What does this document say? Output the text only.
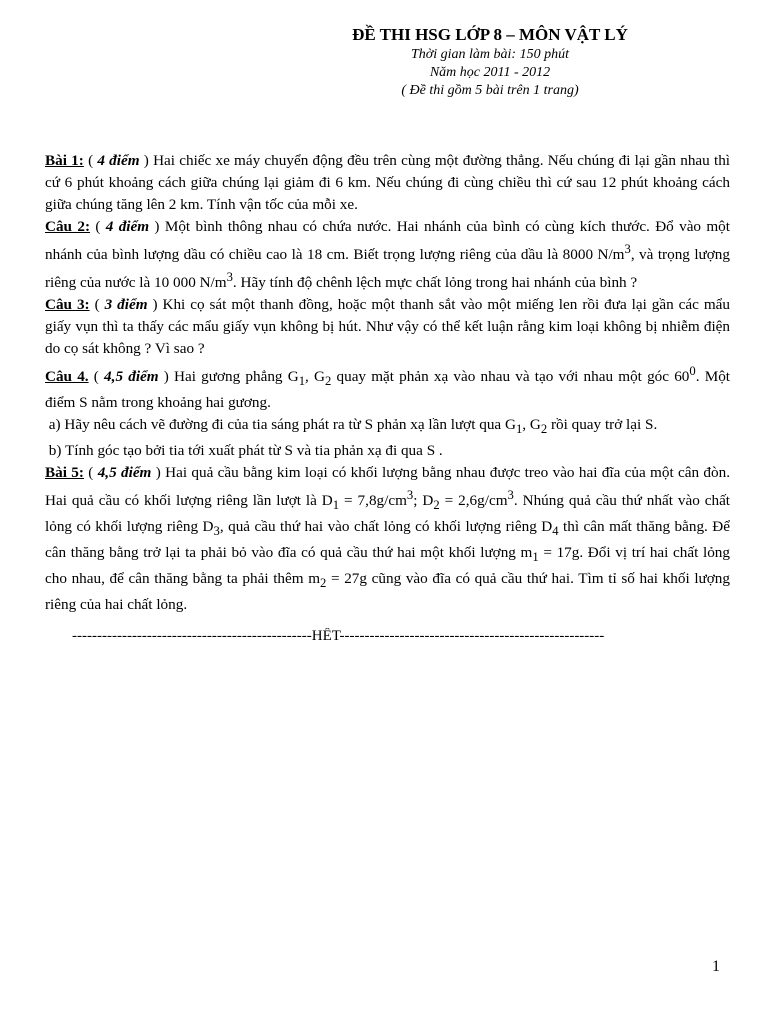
ĐỀ THI HSG LỚP 8 – MÔN VẬT LÝ
Thời gian làm bài: 150 phút
Năm học 2011 - 2012
( Đề thi gồm 5 bài trên 1 trang)

Bài 1: ( 4 điểm ) Hai chiếc xe máy chuyển động đều trên cùng một đường thẳng. Nếu chúng đi lại gần nhau thì cứ 6 phút khoảng cách giữa chúng lại giảm đi 6 km. Nếu chúng đi cùng chiều thì cứ sau 12 phút khoảng cách giữa chúng tăng lên 2 km. Tính vận tốc của mỗi xe.

Câu 2: ( 4 điểm ) Một bình thông nhau có chứa nước. Hai nhánh của bình có cùng kích thước. Đổ vào một nhánh của bình lượng dầu có chiều cao là 18 cm. Biết trọng lượng riêng của dầu là 8000 $N/m^3$, và trọng lượng riêng của nước là 10 000 $N/m^3$. Hãy tính độ chênh lệch mực chất lỏng trong hai nhánh của bình ?

Câu 3: ( 3 điểm ) Khi cọ sát một thanh đồng, hoặc một thanh sắt vào một miếng len rồi đưa lại gần các mẩu giấy vụn thì ta thấy các mẩu giấy vụn không bị hút. Như vậy có thể kết luận rằng kim loại không bị nhiễm điện do cọ sát không ? Vì sao ?

Câu 4. ( 4,5 điểm ) Hai gương phẳng $G_1$, $G_2$ quay mặt phản xạ vào nhau và tạo với nhau một góc $60^0$. Một điểm S nằm trong khoảng hai gương.

a) Hãy nêu cách vẽ đường đi của tia sáng phát ra từ S phản xạ lần lượt qua $G_1$, $G_2$ rồi quay trở lại S.

b) Tính góc tạo bởi tia tới xuất phát từ S và tia phản xạ đi qua S .

Bài 5: ( 4,5 điểm ) Hai quả cầu bằng kim loại có khối lượng bằng nhau được treo vào hai đĩa của một cân đòn. Hai quả cầu có khối lượng riêng lần lượt là $D_1 = 7,8g/cm^3$; $D_2 = 2,6g/cm^3$. Nhúng quả cầu thứ nhất vào chất lỏng có khối lượng riêng $D_3$, quả cầu thứ hai vào chất lỏng có khối lượng riêng $D_4$ thì cân mất thăng bằng. Để cân thăng bằng trở lại ta phải bỏ vào đĩa có quả cầu thứ hai một khối lượng $m_1 = 17g$. Đổi vị trí hai chất lỏng cho nhau, để cân thăng bằng ta phải thêm $m_2 = 27g$ cũng vào đĩa có quả cầu thứ hai. Tìm tỉ số hai khối lượng riêng của hai chất lỏng.

------------------------------------------------HẾT-----------------------------------------------------
1
